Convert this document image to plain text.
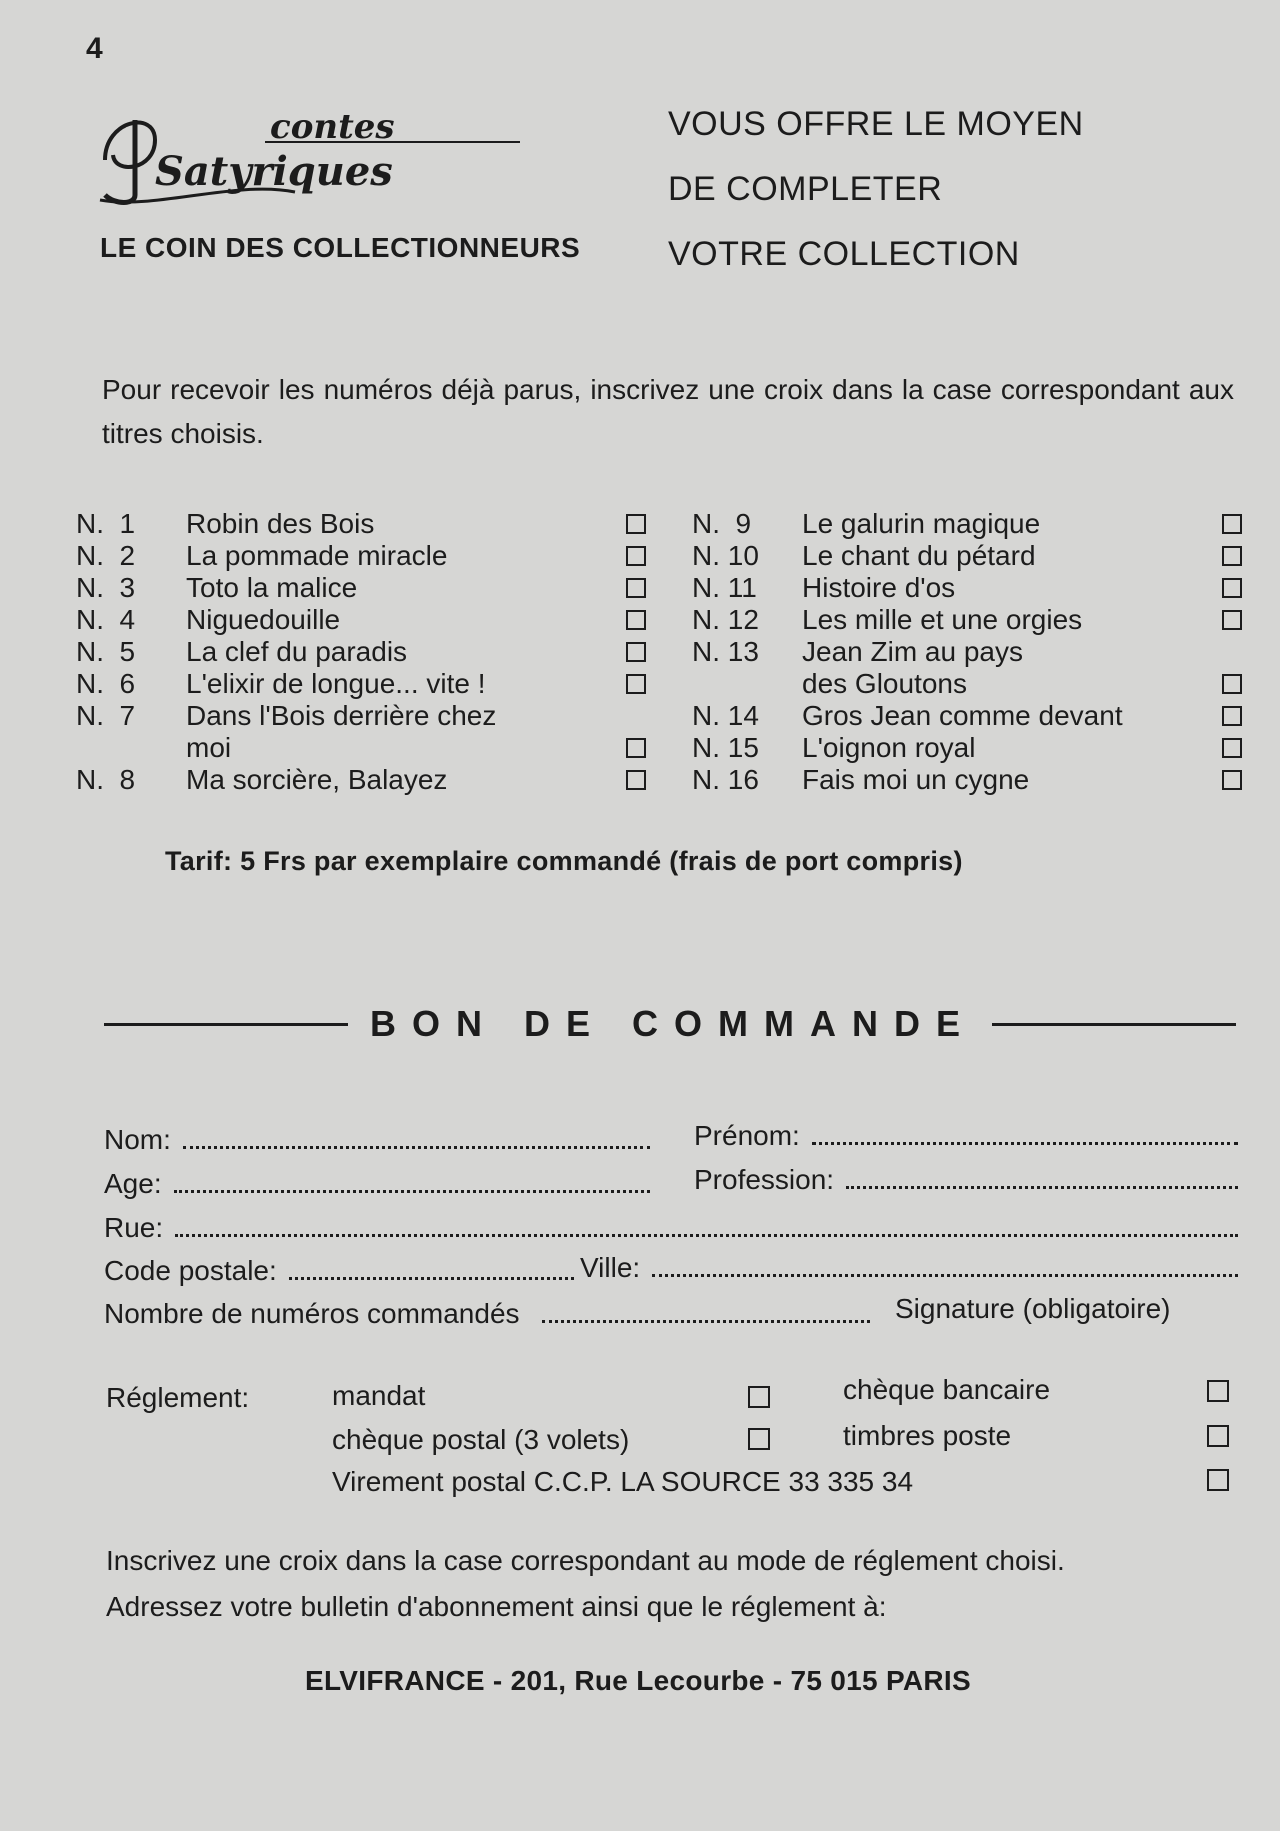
4
contes
Satyriques
LE COIN DES COLLECTIONNEURS
VOUS OFFRE LE MOYEN
DE COMPLETER
VOTRE COLLECTION
Pour recevoir les numéros déjà parus, inscrivez une croix dans la case correspondant aux titres choisis.
N.  1	Robin des Bois
N.  2	La pommade miracle
N.  3	Toto la malice
N.  4	Niguedouille
N.  5	La clef du paradis
N.  6	L'elixir de longue... vite !
N.  7	Dans l'Bois derrière chez moi
N.  8	Ma sorcière, Balayez
N.  9	Le galurin magique
N. 10	Le chant du pétard
N. 11	Histoire d'os
N. 12	Les mille et une orgies
N. 13	Jean Zim au pays des Gloutons
N. 14	Gros Jean comme devant
N. 15	L'oignon royal
N. 16	Fais moi un cygne
Tarif: 5 Frs par exemplaire commandé (frais de port compris)
BON DE COMMANDE
Nom:	Prénom:
Age:	Profession:
Rue:
Code postale:	Ville:
Nombre de numéros commandés	Signature (obligatoire)
Réglement:	mandat	chèque bancaire
chèque postal (3 volets)	timbres poste
Virement postal C.C.P. LA SOURCE 33 335 34
Inscrivez une croix dans la case correspondant au mode de réglement choisi.
Adressez votre bulletin d'abonnement ainsi que le réglement à:
ELVIFRANCE - 201, Rue Lecourbe - 75 015 PARIS
